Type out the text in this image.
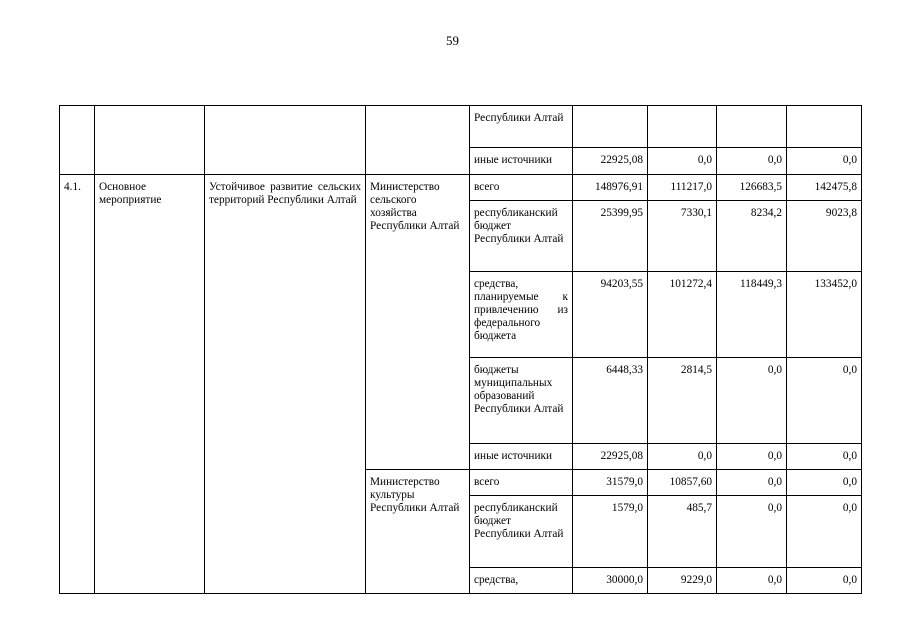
59
				Республики Алтай				
				иные источники	22925,08	0,0	0,0	0,0
4.1.	Основное мероприятие	Устойчивое развитие сельских территорий Республики Алтай	Министерство сельского хозяйства Республики Алтай	всего	148976,91	111217,0	126683,5	142475,8
				республиканский бюджет Республики Алтай	25399,95	7330,1	8234,2	9023,8
				средства, планируемые к привлечению из федерального бюджета	94203,55	101272,4	118449,3	133452,0
				бюджеты муниципальных образований Республики Алтай	6448,33	2814,5	0,0	0,0
				иные источники	22925,08	0,0	0,0	0,0
			Министерство культуры Республики Алтай	всего	31579,0	10857,60	0,0	0,0
				республиканский бюджет Республики Алтай	1579,0	485,7	0,0	0,0
				средства,	30000,0	9229,0	0,0	0,0
